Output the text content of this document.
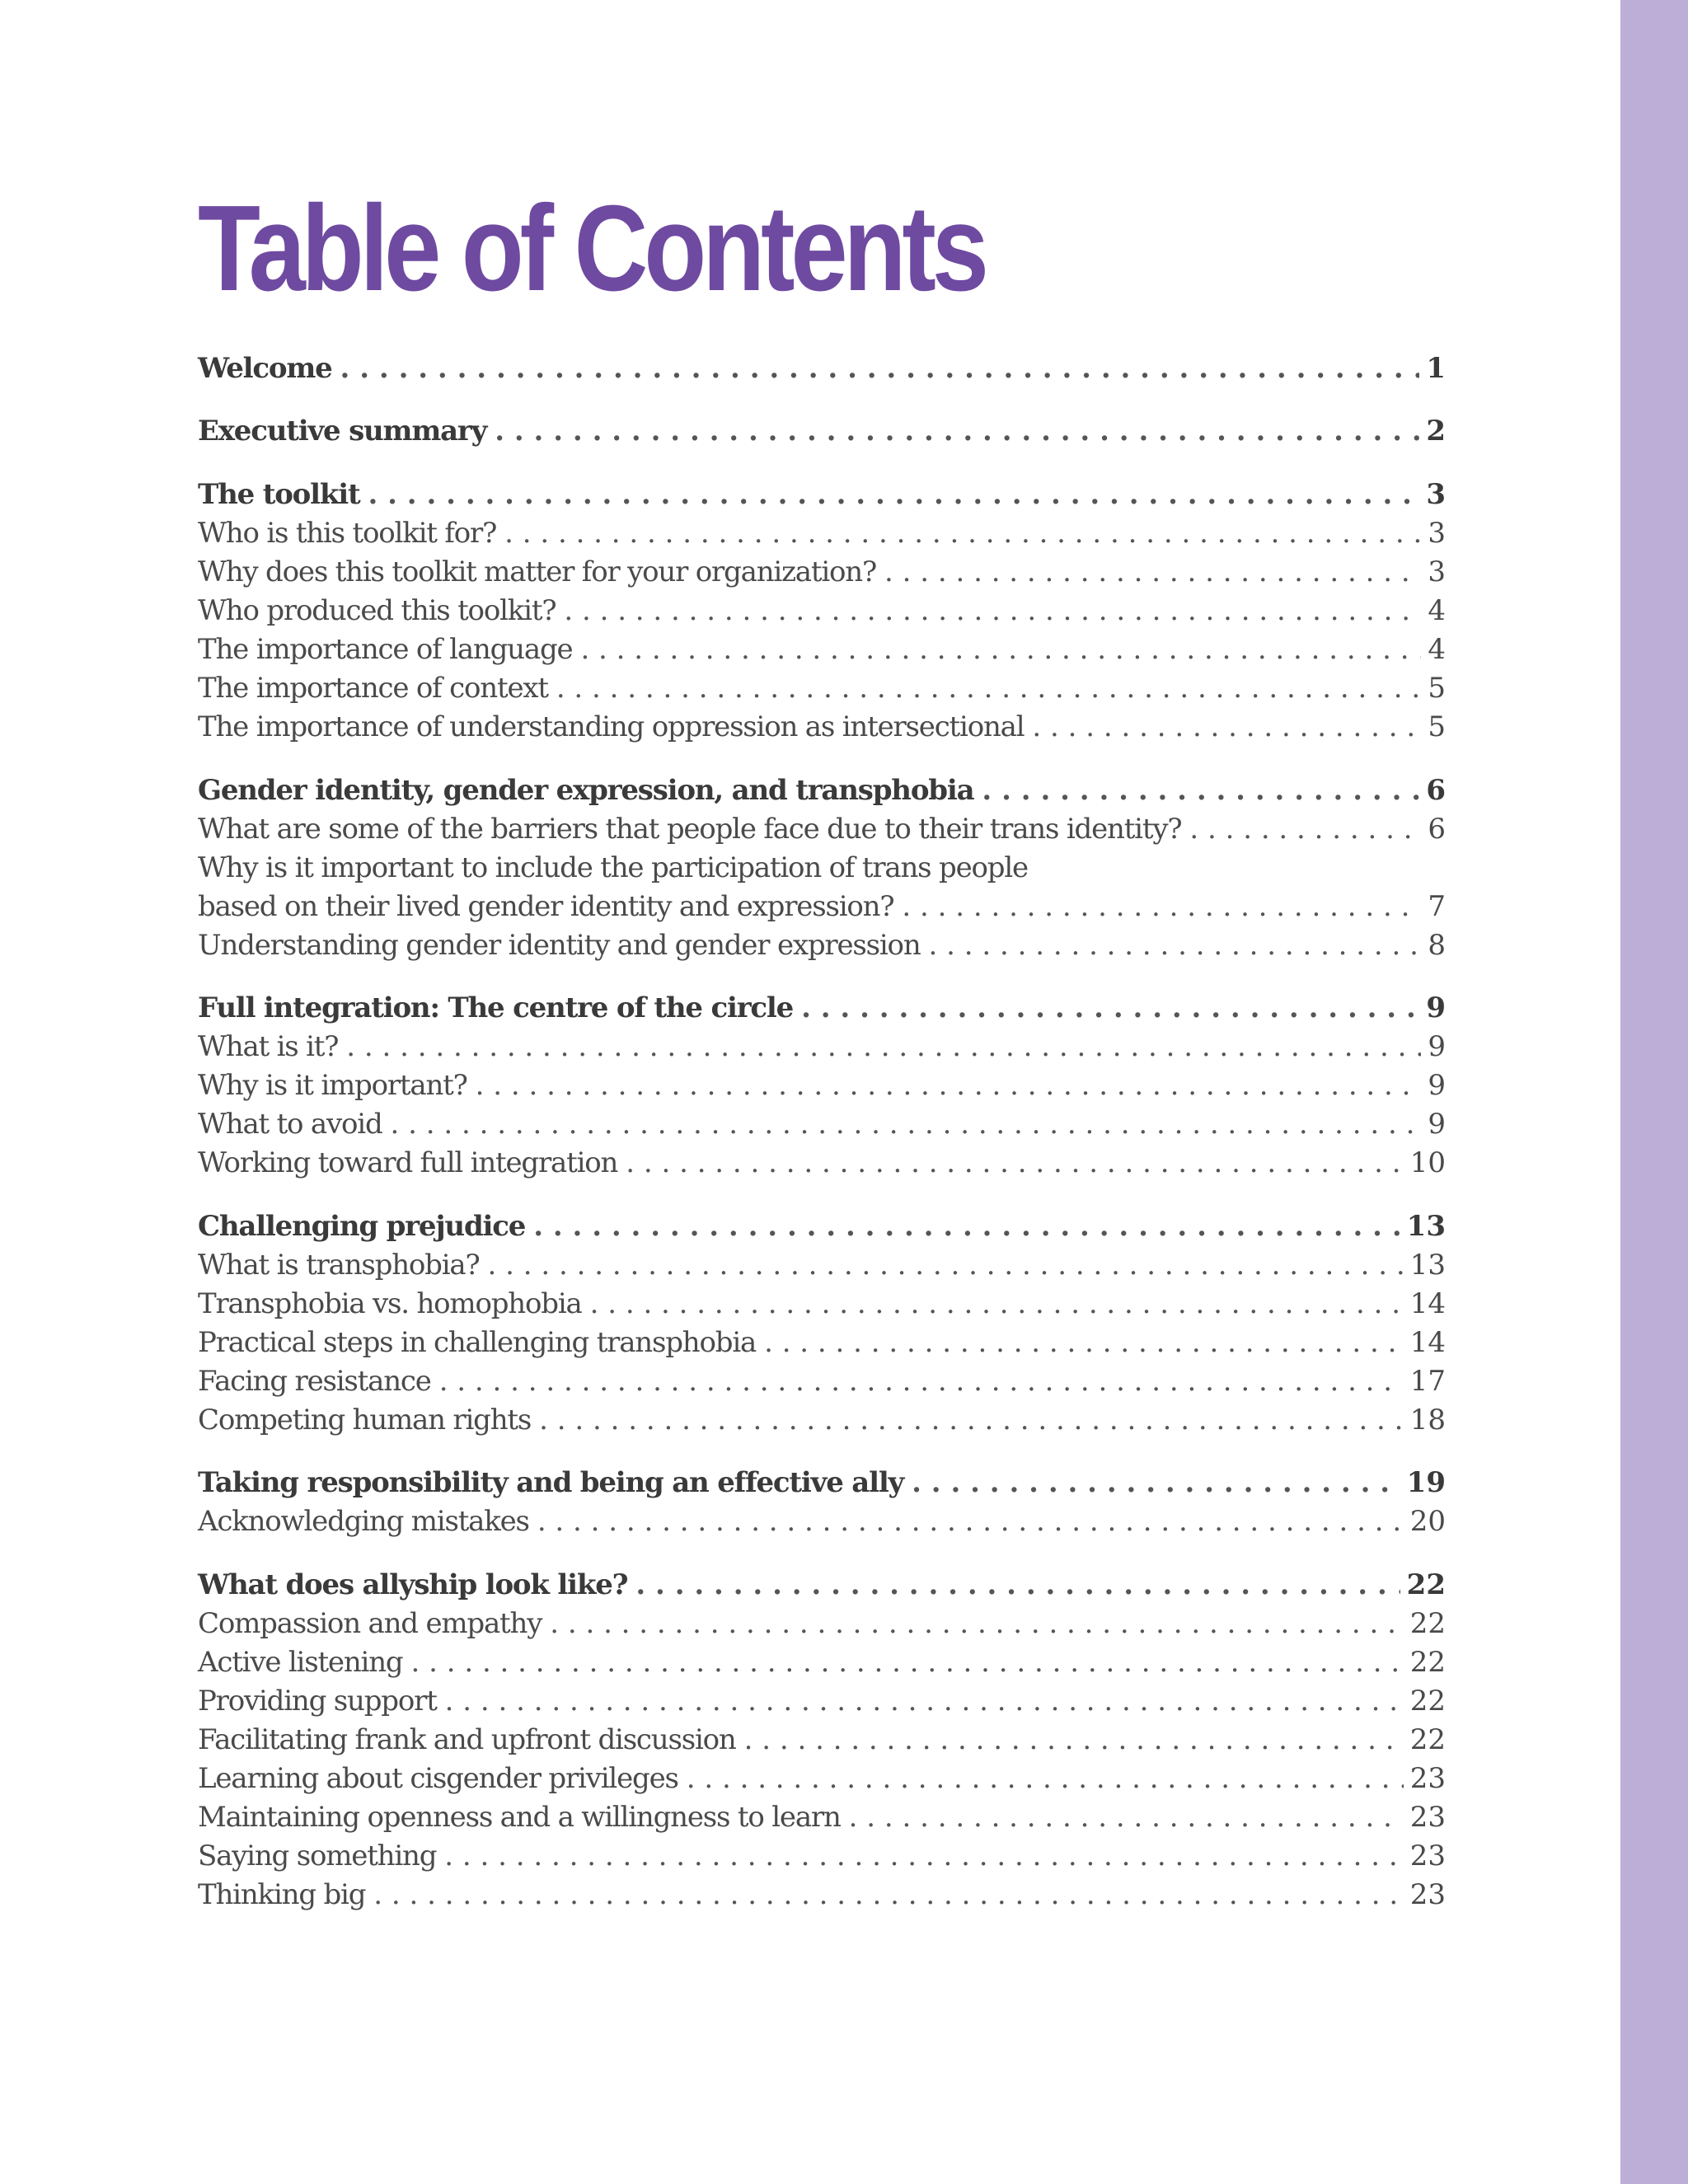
Table of Contents
Welcome . . .	1
Executive summary . . .	2
The toolkit . . .	3
Who is this toolkit for? . . .	3
Why does this toolkit matter for your organization? . . .	3
Who produced this toolkit? . . .	4
The importance of language . . .	4
The importance of context . . .	5
The importance of understanding oppression as intersectional . . .	5
Gender identity, gender expression, and transphobia . . .	6
What are some of the barriers that people face due to their trans identity? . . .	6
Why is it important to include the participation of trans people
based on their lived gender identity and expression? . . .	7
Understanding gender identity and gender expression . . .	8
Full integration: The centre of the circle . . .	9
What is it? . . .	9
Why is it important? . . .	9
What to avoid . . .	9
Working toward full integration . . .	10
Challenging prejudice . . .	13
What is transphobia? . . .	13
Transphobia vs. homophobia . . .	14
Practical steps in challenging transphobia . . .	14
Facing resistance . . .	17
Competing human rights . . .	18
Taking responsibility and being an effective ally . . .	19
Acknowledging mistakes . . .	20
What does allyship look like? . . .	22
Compassion and empathy . . .	22
Active listening . . .	22
Providing support . . .	22
Facilitating frank and upfront discussion . . .	22
Learning about cisgender privileges . . .	23
Maintaining openness and a willingness to learn . . .	23
Saying something . . .	23
Thinking big . . .	23
